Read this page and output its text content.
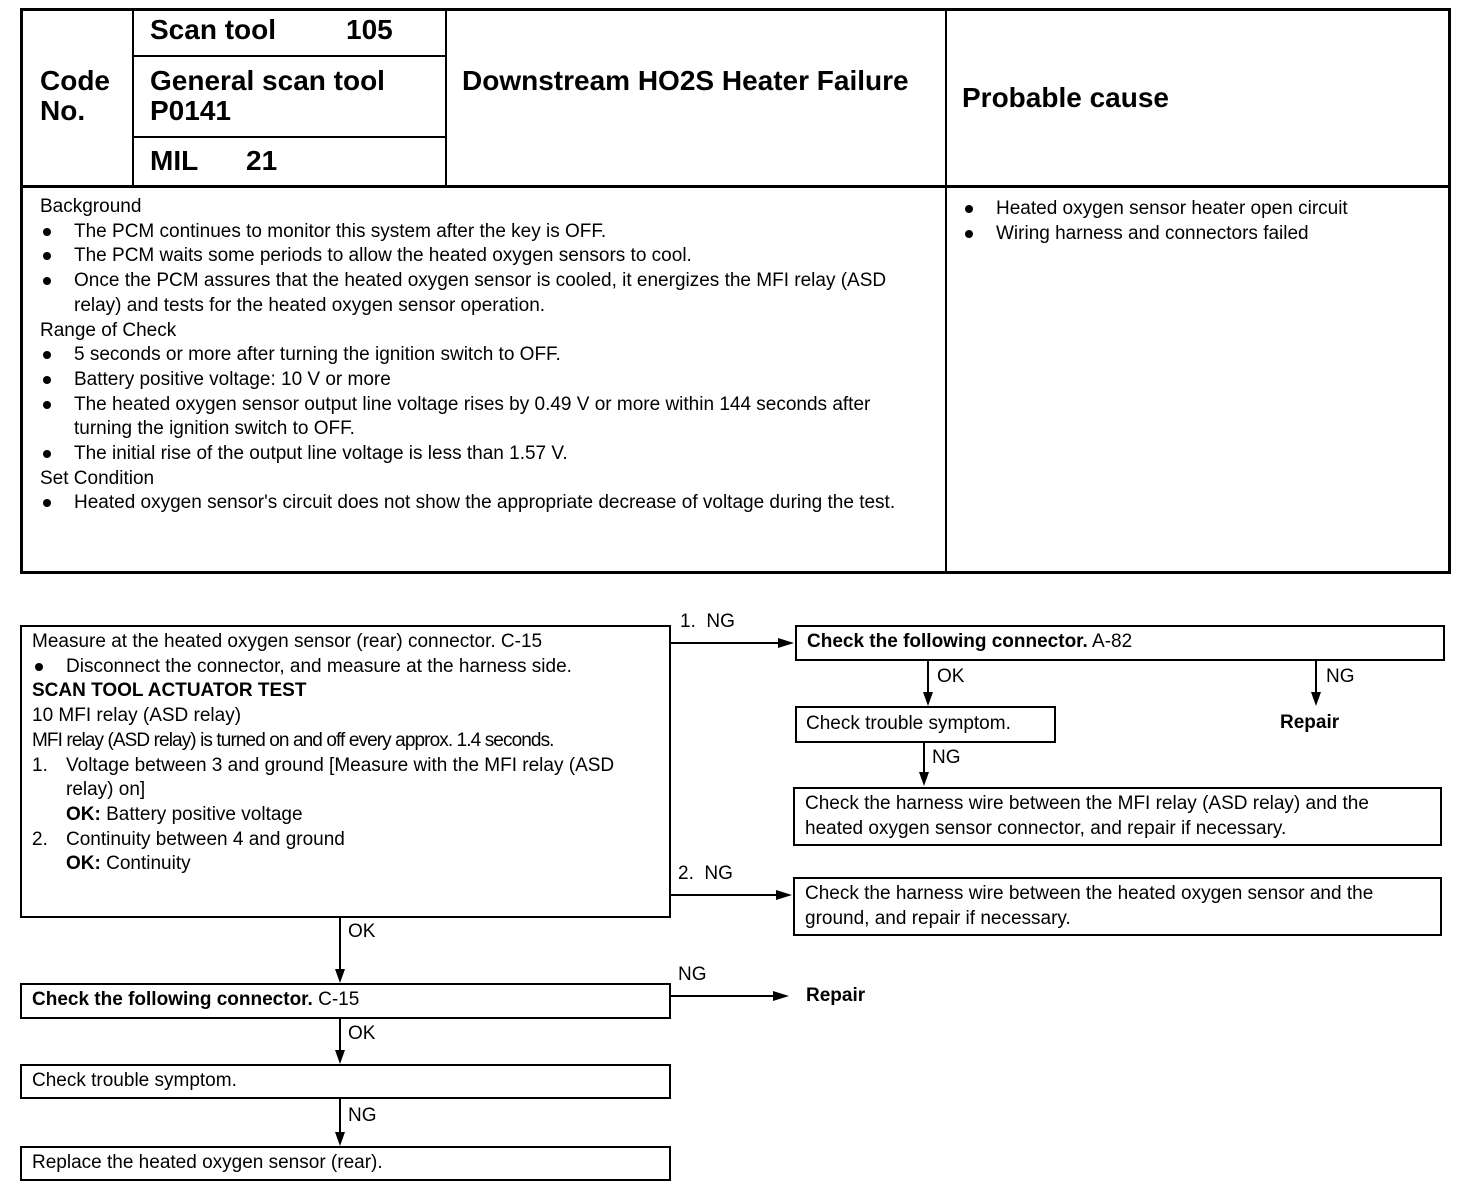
Code No.
Scan tool 105
General scan tool
P0141
MIL 21
Downstream HO2S Heater Failure
Probable cause
Background
The PCM continues to monitor this system after the key is OFF.
The PCM waits some periods to allow the heated oxygen sensors to cool.
Once the PCM assures that the heated oxygen sensor is cooled, it energizes the MFI relay (ASD relay) and tests for the heated oxygen sensor operation.
Range of Check
5 seconds or more after turning the ignition switch to OFF.
Battery positive voltage: 10 V or more
The heated oxygen sensor output line voltage rises by 0.49 V or more within 144 seconds after turning the ignition switch to OFF.
The initial rise of the output line voltage is less than 1.57 V.
Set Condition
Heated oxygen sensor's circuit does not show the appropriate decrease of voltage during the test.
Heated oxygen sensor heater open circuit
Wiring harness and connectors failed
Measure at the heated oxygen sensor (rear) connector. C-15
Disconnect the connector, and measure at the harness side.
SCAN TOOL ACTUATOR TEST
10 MFI relay (ASD relay)
MFI relay (ASD relay) is turned on and off every approx. 1.4 seconds.
1. Voltage between 3 and ground [Measure with the MFI relay (ASD relay) on]
OK: Battery positive voltage
2. Continuity between 4 and ground
OK: Continuity
1.  NG
Check the following connector. A-82
OK	NG
Repair
Check trouble symptom.
NG
Check the harness wire between the MFI relay (ASD relay) and the heated oxygen sensor connector, and repair if necessary.
2.  NG
Check the harness wire between the heated oxygen sensor and the ground, and repair if necessary.
OK
Check the following connector. C-15
NG
Repair
OK
Check trouble symptom.
NG
Replace the heated oxygen sensor (rear).
